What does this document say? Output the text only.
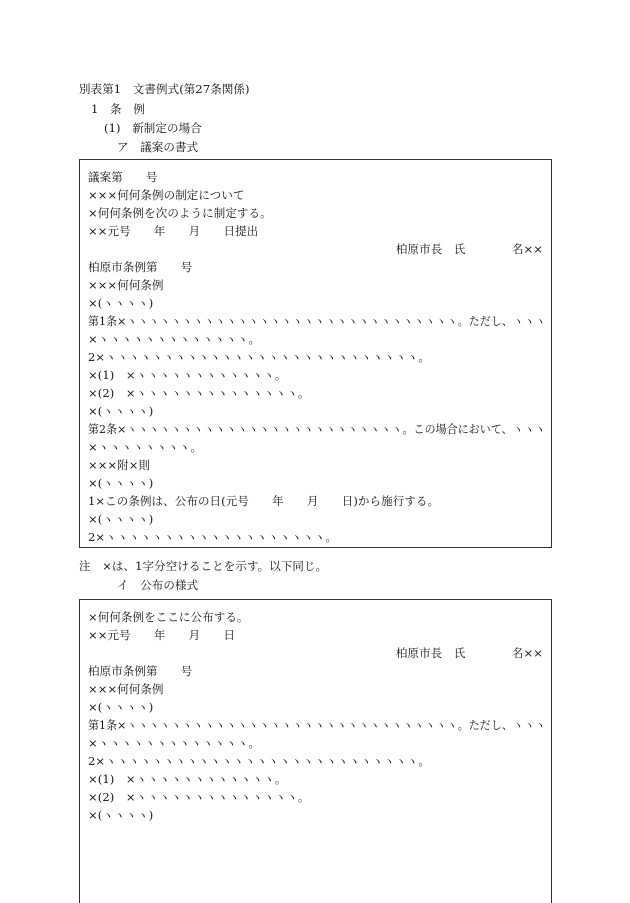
別表第1　文書例式(第27条関係)
1　条　例
(1)　新制定の場合
ア　議案の書式
議案第　　号
×××何何条例の制定について
×何何条例を次のように制定する。
××元号　　年　　月　　日提出
柏原市長　氏　　　　名××
柏原市条例第　　号
×××何何条例
×(ヽヽヽヽ)
第1条×ヽヽヽヽヽヽヽヽヽヽヽヽヽヽヽヽヽヽヽヽヽヽヽヽヽヽヽヽヽヽ。ただし、ヽヽヽ
×ヽヽヽヽヽヽヽヽヽヽヽヽヽ。
2×ヽヽヽヽヽヽヽヽヽヽヽヽヽヽヽヽヽヽヽヽヽヽヽヽヽヽヽ。
×(1)　×ヽヽヽヽヽヽヽヽヽヽヽヽ。
×(2)　×ヽヽヽヽヽヽヽヽヽヽヽヽヽヽ。
×(ヽヽヽヽ)
第2条×ヽヽヽヽヽヽヽヽヽヽヽヽヽヽヽヽヽヽヽヽヽヽヽヽヽ。この場合において、ヽヽヽ
×ヽヽヽヽヽヽヽヽ。
×××附×則
×(ヽヽヽヽ)
1×この条例は、公布の日(元号　　年　　月　　日)から施行する。
×(ヽヽヽヽ)
2×ヽヽヽヽヽヽヽヽヽヽヽヽヽヽヽヽヽヽヽ。
注　×は、1字分空けることを示す。以下同じ。
イ　公布の様式
×何何条例をここに公布する。
××元号　　年　　月　　日
柏原市長　氏　　　　名××
柏原市条例第　　号
×××何何条例
×(ヽヽヽヽ)
第1条×ヽヽヽヽヽヽヽヽヽヽヽヽヽヽヽヽヽヽヽヽヽヽヽヽヽヽヽヽヽヽ。ただし、ヽヽヽ
×ヽヽヽヽヽヽヽヽヽヽヽヽヽ。
2×ヽヽヽヽヽヽヽヽヽヽヽヽヽヽヽヽヽヽヽヽヽヽヽヽヽヽヽ。
×(1)　×ヽヽヽヽヽヽヽヽヽヽヽヽ。
×(2)　×ヽヽヽヽヽヽヽヽヽヽヽヽヽヽ。
×(ヽヽヽヽ)
